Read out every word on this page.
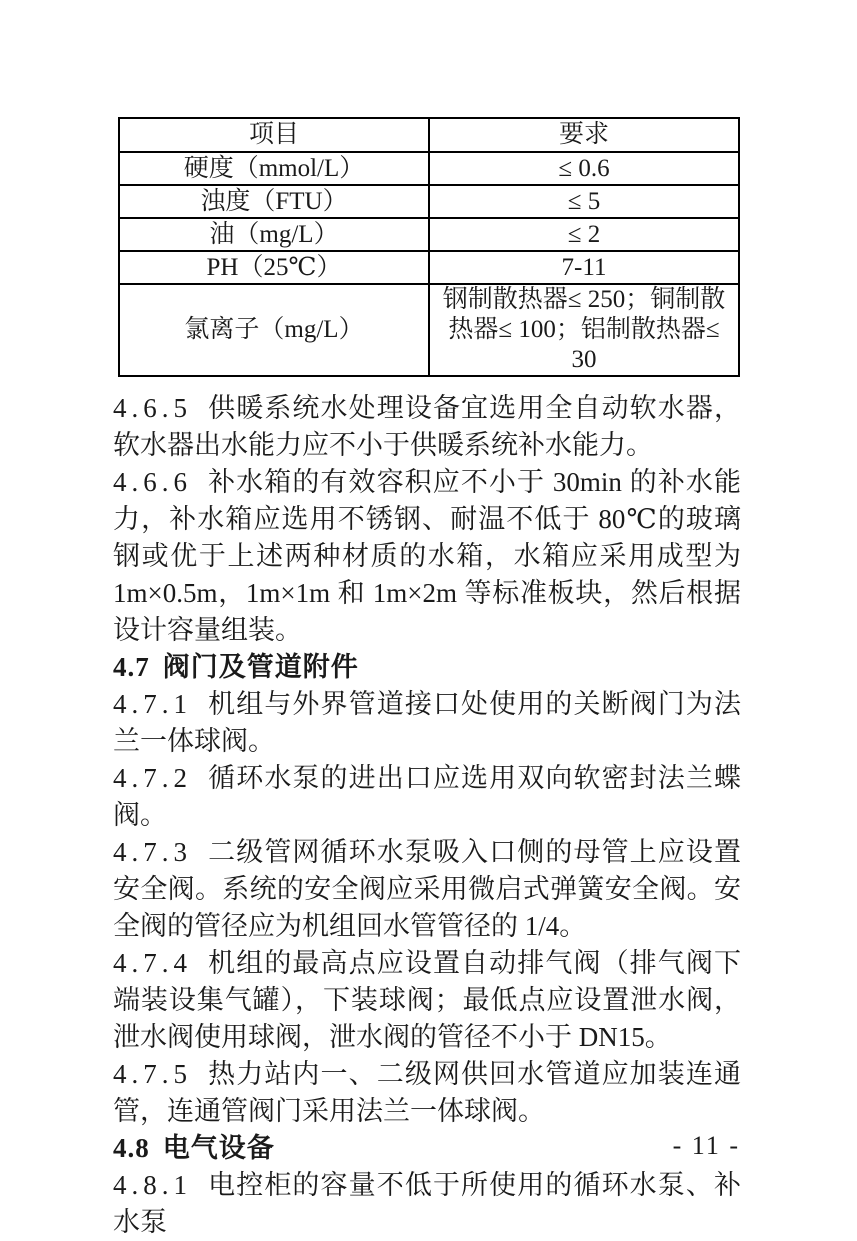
项目	要求
硬度（mmol/L）	≤ 0.6
浊度（FTU）	≤ 5
油（mg/L）	≤ 2
PH（25℃）	7-11
氯离子（mg/L）	钢制散热器≤ 250；铜制散热器≤ 100；铝制散热器≤ 30

4.6.5 供暖系统水处理设备宜选用全自动软水器，软水器出水能力应不小于供暖系统补水能力。

4.6.6 补水箱的有效容积应不小于 30min 的补水能力，补水箱应选用不锈钢、耐温不低于 80℃的玻璃钢或优于上述两种材质的水箱，水箱应采用成型为 1m×0.5m，1m×1m 和 1m×2m 等标准板块，然后根据设计容量组装。

4.7 阀门及管道附件

4.7.1 机组与外界管道接口处使用的关断阀门为法兰一体球阀。

4.7.2 循环水泵的进出口应选用双向软密封法兰蝶阀。

4.7.3 二级管网循环水泵吸入口侧的母管上应设置安全阀。系统的安全阀应采用微启式弹簧安全阀。安全阀的管径应为机组回水管管径的 1/4。

4.7.4 机组的最高点应设置自动排气阀（排气阀下端装设集气罐），下装球阀；最低点应设置泄水阀，泄水阀使用球阀，泄水阀的管径不小于 DN15。

4.7.5 热力站内一、二级网供回水管道应加装连通管，连通管阀门采用法兰一体球阀。

4.8 电气设备

4.8.1 电控柜的容量不低于所使用的循环水泵、补水泵

- 11 -
